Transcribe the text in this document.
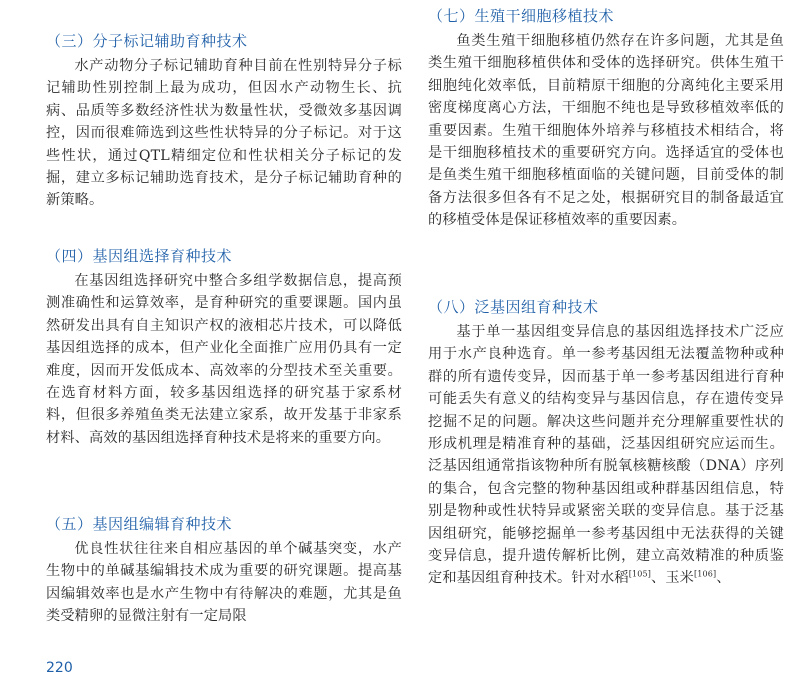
（三）分子标记辅助育种技术

水产动物分子标记辅助育种目前在性别特异分子标记辅助性别控制上最为成功，但因水产动物生长、抗病、品质等多数经济性状为数量性状，受微效多基因调控，因而很难筛选到这些性状特异的分子标记。对于这些性状，通过QTL精细定位和性状相关分子标记的发掘，建立多标记辅助选育技术，是分子标记辅助育种的新策略。

（四）基因组选择育种技术

在基因组选择研究中整合多组学数据信息，提高预测准确性和运算效率，是育种研究的重要课题。国内虽然研发出具有自主知识产权的液相芯片技术，可以降低基因组选择的成本，但产业化全面推广应用仍具有一定难度，因而开发低成本、高效率的分型技术至关重要。在选育材料方面，较多基因组选择的研究基于家系材料，但很多养殖鱼类无法建立家系，故开发基于非家系材料、高效的基因组选择育种技术是将来的重要方向。

（五）基因组编辑育种技术

优良性状往往来自相应基因的单个碱基突变，水产生物中的单碱基编辑技术成为重要的研究课题。提高基因编辑效率也是水产生物中有待解决的难题，尤其是鱼类受精卵的显微注射有一定局限

（七）生殖干细胞移植技术

鱼类生殖干细胞移植仍然存在许多问题，尤其是鱼类生殖干细胞移植供体和受体的选择研究。供体生殖干细胞纯化效率低，目前精原干细胞的分离纯化主要采用密度梯度离心方法，干细胞不纯也是导致移植效率低的重要因素。生殖干细胞体外培养与移植技术相结合，将是干细胞移植技术的重要研究方向。选择适宜的受体也是鱼类生殖干细胞移植面临的关键问题，目前受体的制备方法很多但各有不足之处，根据研究目的制备最适宜的移植受体是保证移植效率的重要因素。

（八）泛基因组育种技术

基于单一基因组变异信息的基因组选择技术广泛应用于水产良种选育。单一参考基因组无法覆盖物种或种群的所有遗传变异，因而基于单一参考基因组进行育种可能丢失有意义的结构变异与基因信息，存在遗传变异挖掘不足的问题。解决这些问题并充分理解重要性状的形成机理是精准育种的基础，泛基因组研究应运而生。泛基因组通常指该物种所有脱氧核糖核酸（DNA）序列的集合，包含完整的物种基因组或种群基因组信息，特别是物种或性状特异或紧密关联的变异信息。基于泛基因组研究，能够挖掘单一参考基因组中无法获得的关键变异信息，提升遗传解析比例，建立高效精准的种质鉴定和基因组育种技术。针对水稻[105]、玉米[106]、

220
